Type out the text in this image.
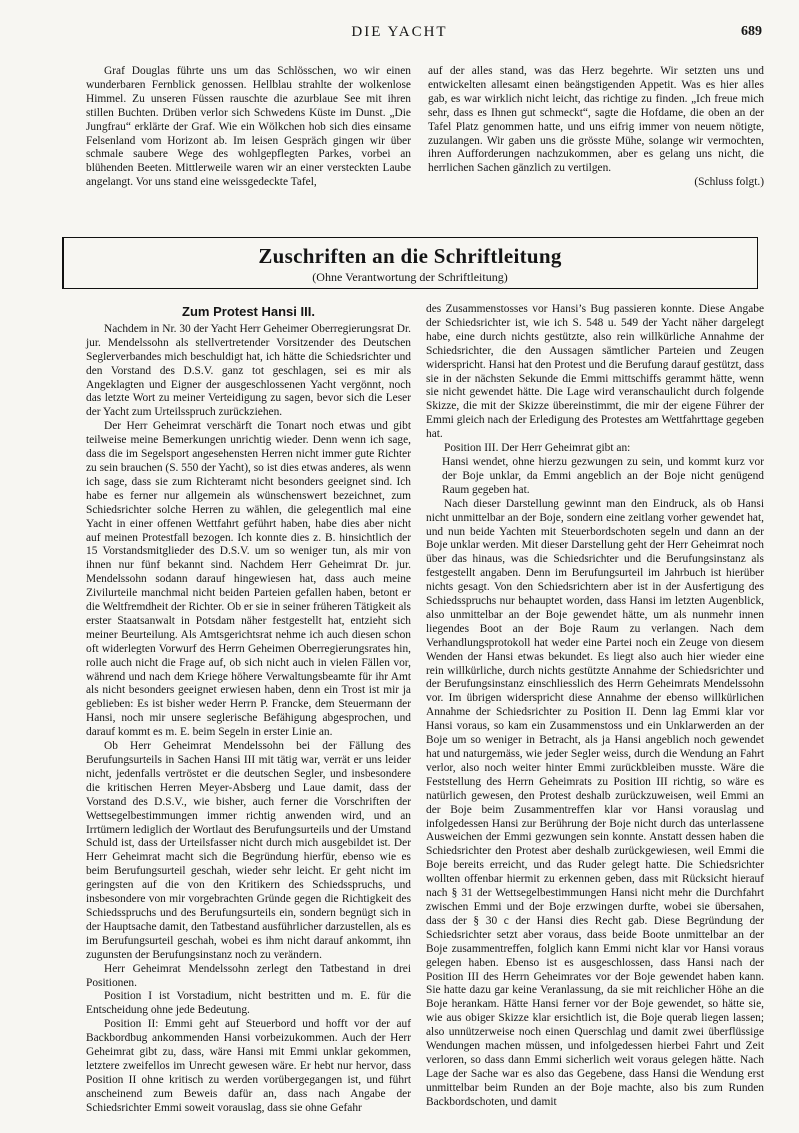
DIE YACHT	689

Graf Douglas führte uns um das Schlösschen, wo wir einen wunderbaren Fernblick genossen. Hellblau strahlte der wolkenlose Himmel. Zu unseren Füssen rauschte die azurblaue See mit ihren stillen Buchten. Drüben verlor sich Schwedens Küste im Dunst. „Die Jungfrau“ erklärte der Graf. Wie ein Wölkchen hob sich dies einsame Felsenland vom Horizont ab. Im leisen Gespräch gingen wir über schmale saubere Wege des wohlgepflegten Parkes, vorbei an blühenden Beeten. Mittlerweile waren wir an einer versteckten Laube angelangt. Vor uns stand eine weissgedeckte Tafel,

auf der alles stand, was das Herz begehrte. Wir setzten uns und entwickelten allesamt einen beängstigenden Appetit. Was es hier alles gab, es war wirklich nicht leicht, das richtige zu finden. „Ich freue mich sehr, dass es Ihnen gut schmeckt“, sagte die Hofdame, die oben an der Tafel Platz genommen hatte, und uns eifrig immer von neuem nötigte, zuzulangen. Wir gaben uns die grösste Mühe, solange wir vermochten, ihren Aufforderungen nachzukommen, aber es gelang uns nicht, die herrlichen Sachen gänzlich zu vertilgen.

(Schluss folgt.)

Zuschriften an die Schriftleitung
(Ohne Verantwortung der Schriftleitung)
Zum Protest Hansi III.

Nachdem in Nr. 30 der Yacht Herr Geheimer Oberregierungsrat Dr. jur. Mendelssohn als stellvertretender Vorsitzender des Deutschen Seglerverbandes mich beschuldigt hat, ich hätte die Schiedsrichter und den Vorstand des D.S.V. ganz tot geschlagen, sei es mir als Angeklagten und Eigner der ausgeschlossenen Yacht vergönnt, noch das letzte Wort zu meiner Verteidigung zu sagen, bevor sich die Leser der Yacht zum Urteilsspruch zurückziehen.

Der Herr Geheimrat verschärft die Tonart noch etwas und gibt teilweise meine Bemerkungen unrichtig wieder. Denn wenn ich sage, dass die im Segelsport angesehensten Herren nicht immer gute Richter zu sein brauchen (S. 550 der Yacht), so ist dies etwas anderes, als wenn ich sage, dass sie zum Richteramt nicht besonders geeignet sind. Ich habe es ferner nur allgemein als wünschenswert bezeichnet, zum Schiedsrichter solche Herren zu wählen, die gelegentlich mal eine Yacht in einer offenen Wettfahrt geführt haben, habe dies aber nicht auf meinen Protestfall bezogen. Ich konnte dies z. B. hinsichtlich der 15 Vorstandsmitglieder des D.S.V. um so weniger tun, als mir von ihnen nur fünf bekannt sind. Nachdem Herr Geheimrat Dr. jur. Mendelssohn sodann darauf hingewiesen hat, dass auch meine Zivilurteile manchmal nicht beiden Parteien gefallen haben, betont er die Weltfremdheit der Richter. Ob er sie in seiner früheren Tätigkeit als erster Staatsanwalt in Potsdam näher festgestellt hat, entzieht sich meiner Beurteilung. Als Amtsgerichtsrat nehme ich auch diesen schon oft widerlegten Vorwurf des Herrn Geheimen Oberregierungsrates hin, rolle auch nicht die Frage auf, ob sich nicht auch in vielen Fällen vor, während und nach dem Kriege höhere Verwaltungsbeamte für ihr Amt als nicht besonders geeignet erwiesen haben, denn ein Trost ist mir ja geblieben: Es ist bisher weder Herrn P. Francke, dem Steuermann der Hansi, noch mir unsere seglerische Befähigung abgesprochen, und darauf kommt es m. E. beim Segeln in erster Linie an.

Ob Herr Geheimrat Mendelssohn bei der Fällung des Berufungsurteils in Sachen Hansi III mit tätig war, verrät er uns leider nicht, jedenfalls vertröstet er die deutschen Segler, und insbesondere die kritischen Herren Meyer-Absberg und Laue damit, dass der Vorstand des D.S.V., wie bisher, auch ferner die Vorschriften der Wettsegelbestimmungen immer richtig anwenden wird, und an Irrtümern lediglich der Wortlaut des Berufungsurteils und der Umstand Schuld ist, dass der Urteilsfasser nicht durch mich ausgebildet ist. Der Herr Geheimrat macht sich die Begründung hierfür, ebenso wie es beim Berufungsurteil geschah, wieder sehr leicht. Er geht nicht im geringsten auf die von den Kritikern des Schiedsspruchs, und insbesondere von mir vorgebrachten Gründe gegen die Richtigkeit des Schiedsspruchs und des Berufungsurteils ein, sondern begnügt sich in der Hauptsache damit, den Tatbestand ausführlicher darzustellen, als es im Berufungsurteil geschah, wobei es ihm nicht darauf ankommt, ihn zugunsten der Berufungsinstanz noch zu verändern.

Herr Geheimrat Mendelssohn zerlegt den Tatbestand in drei Positionen.

Position I ist Vorstadium, nicht bestritten und m. E. für die Entscheidung ohne jede Bedeutung.

Position II: Emmi geht auf Steuerbord und hofft vor der auf Backbordbug ankommenden Hansi vorbeizukommen. Auch der Herr Geheimrat gibt zu, dass, wäre Hansi mit Emmi unklar gekommen, letztere zweifellos im Unrecht gewesen wäre. Er hebt nur hervor, dass Position II ohne kritisch zu werden vorübergegangen ist, und führt anscheinend zum Beweis dafür an, dass nach Angabe der Schiedsrichter Emmi soweit vorauslag, dass sie ohne Gefahr

des Zusammenstosses vor Hansi’s Bug passieren konnte. Diese Angabe der Schiedsrichter ist, wie ich S. 548 u. 549 der Yacht näher dargelegt habe, eine durch nichts gestützte, also rein willkürliche Annahme der Schiedsrichter, die den Aussagen sämtlicher Parteien und Zeugen widerspricht. Hansi hat den Protest und die Berufung darauf gestützt, dass sie in der nächsten Sekunde die Emmi mittschiffs gerammt hätte, wenn sie nicht gewendet hätte. Die Lage wird veranschaulicht durch folgende Skizze, die mit der Skizze übereinstimmt, die mir der eigene Führer der Emmi gleich nach der Erledigung des Protestes am Wettfahrttage gegeben hat.

Position III. Der Herr Geheimrat gibt an:

Hansi wendet, ohne hierzu gezwungen zu sein, und kommt kurz vor der Boje unklar, da Emmi angeblich an der Boje nicht genügend Raum gegeben hat.

Nach dieser Darstellung gewinnt man den Eindruck, als ob Hansi nicht unmittelbar an der Boje, sondern eine zeitlang vorher gewendet hat, und nun beide Yachten mit Steuerbordschoten segeln und dann an der Boje unklar werden. Mit dieser Darstellung geht der Herr Geheimrat noch über das hinaus, was die Schiedsrichter und die Berufungsinstanz als festgestellt angaben. Denn im Berufungsurteil im Jahrbuch ist hierüber nichts gesagt. Von den Schiedsrichtern aber ist in der Ausfertigung des Schiedsspruchs nur behauptet worden, dass Hansi im letzten Augenblick, also unmittelbar an der Boje gewendet hätte, um als nunmehr innen liegendes Boot an der Boje Raum zu verlangen. Nach dem Verhandlungsprotokoll hat weder eine Partei noch ein Zeuge von diesem Wenden der Hansi etwas bekundet. Es liegt also auch hier wieder eine rein willkürliche, durch nichts gestützte Annahme der Schiedsrichter und der Berufungsinstanz einschliesslich des Herrn Geheimrats Mendelssohn vor. Im übrigen widerspricht diese Annahme der ebenso willkürlichen Annahme der Schiedsrichter zu Position II. Denn lag Emmi klar vor Hansi voraus, so kam ein Zusammenstoss und ein Unklarwerden an der Boje um so weniger in Betracht, als ja Hansi angeblich noch gewendet hat und naturgemäss, wie jeder Segler weiss, durch die Wendung an Fahrt verlor, also noch weiter hinter Emmi zurückbleiben musste. Wäre die Feststellung des Herrn Geheimrats zu Position III richtig, so wäre es natürlich gewesen, den Protest deshalb zurückzuweisen, weil Emmi an der Boje beim Zusammentreffen klar vor Hansi vorauslag und infolgedessen Hansi zur Berührung der Boje nicht durch das unterlassene Ausweichen der Emmi gezwungen sein konnte. Anstatt dessen haben die Schiedsrichter den Protest aber deshalb zurückgewiesen, weil Emmi die Boje bereits erreicht, und das Ruder gelegt hatte. Die Schiedsrichter wollten offenbar hiermit zu erkennen geben, dass mit Rücksicht hierauf nach § 31 der Wettsegelbestimmungen Hansi nicht mehr die Durchfahrt zwischen Emmi und der Boje erzwingen durfte, wobei sie übersahen, dass der § 30 c der Hansi dies Recht gab. Diese Begründung der Schiedsrichter setzt aber voraus, dass beide Boote unmittelbar an der Boje zusammentreffen, folglich kann Emmi nicht klar vor Hansi voraus gelegen haben. Ebenso ist es ausgeschlossen, dass Hansi nach der Position III des Herrn Geheimrates vor der Boje gewendet haben kann. Sie hatte dazu gar keine Veranlassung, da sie mit reichlicher Höhe an die Boje herankam. Hätte Hansi ferner vor der Boje gewendet, so hätte sie, wie aus obiger Skizze klar ersichtlich ist, die Boje querab liegen lassen; also unnützerweise noch einen Querschlag und damit zwei überflüssige Wendungen machen müssen, und infolgedessen hierbei Fahrt und Zeit verloren, so dass dann Emmi sicherlich weit voraus gelegen hätte. Nach Lage der Sache war es also das Gegebene, dass Hansi die Wendung erst unmittelbar beim Runden an der Boje machte, also bis zum Runden Backbordschoten, und damit
